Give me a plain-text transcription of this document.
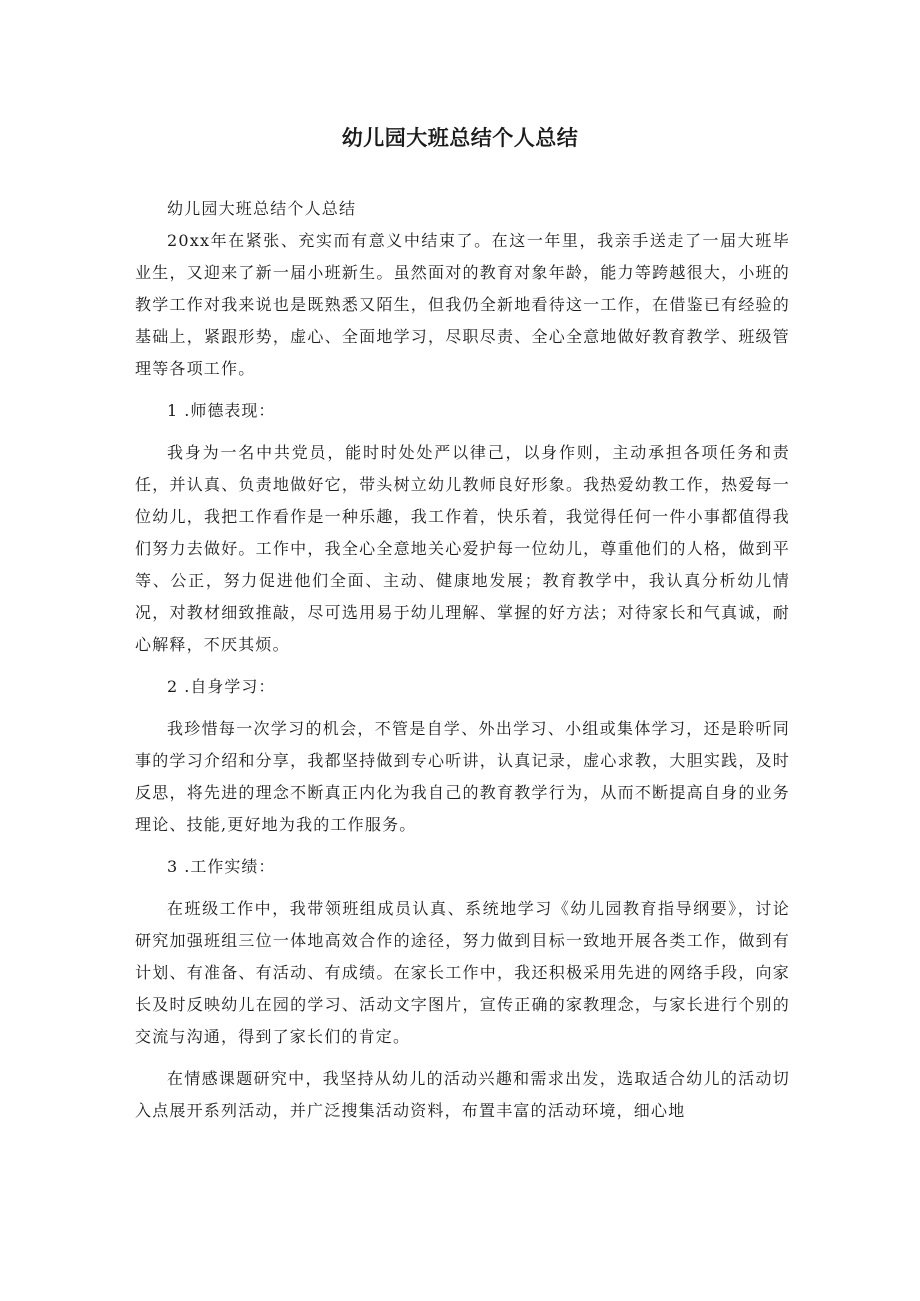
幼儿园大班总结个人总结

幼儿园大班总结个人总结

20xx年在紧张、充实而有意义中结束了。在这一年里，我亲手送走了一届大班毕业生，又迎来了新一届小班新生。虽然面对的教育对象年龄，能力等跨越很大，小班的教学工作对我来说也是既熟悉又陌生，但我仍全新地看待这一工作，在借鉴已有经验的基础上，紧跟形势，虚心、全面地学习，尽职尽责、全心全意地做好教育教学、班级管理等各项工作。

1 .师德表现：

我身为一名中共党员，能时时处处严以律己，以身作则，主动承担各项任务和责任，并认真、负责地做好它，带头树立幼儿教师良好形象。我热爱幼教工作，热爱每一位幼儿，我把工作看作是一种乐趣，我工作着，快乐着，我觉得任何一件小事都值得我们努力去做好。工作中，我全心全意地关心爱护每一位幼儿，尊重他们的人格，做到平等、公正，努力促进他们全面、主动、健康地发展；教育教学中，我认真分析幼儿情况，对教材细致推敲，尽可选用易于幼儿理解、掌握的好方法；对待家长和气真诚，耐心解释，不厌其烦。

2 .自身学习：

我珍惜每一次学习的机会，不管是自学、外出学习、小组或集体学习，还是聆听同事的学习介绍和分享，我都坚持做到专心听讲，认真记录，虚心求教，大胆实践，及时反思，将先进的理念不断真正内化为我自己的教育教学行为，从而不断提高自身的业务理论、技能,更好地为我的工作服务。

3 .工作实绩：

在班级工作中，我带领班组成员认真、系统地学习《幼儿园教育指导纲要》，讨论研究加强班组三位一体地高效合作的途径，努力做到目标一致地开展各类工作，做到有计划、有准备、有活动、有成绩。在家长工作中，我还积极采用先进的网络手段，向家长及时反映幼儿在园的学习、活动文字图片，宣传正确的家教理念，与家长进行个别的交流与沟通，得到了家长们的肯定。

在情感课题研究中，我坚持从幼儿的活动兴趣和需求出发，选取适合幼儿的活动切入点展开系列活动，并广泛搜集活动资料，布置丰富的活动环境，细心地
